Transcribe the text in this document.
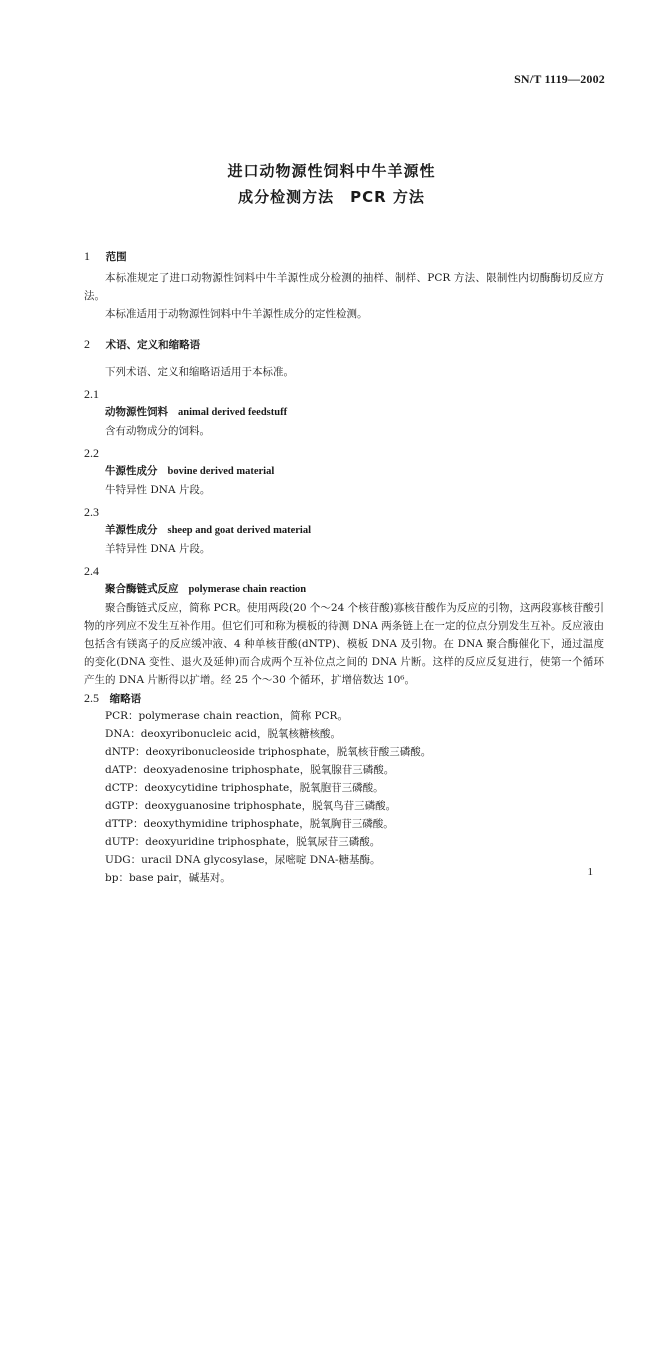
SN/T 1119—2002
进口动物源性饲料中牛羊源性
成分检测方法　PCR 方法
1 范围
本标准规定了进口动物源性饲料中牛羊源性成分检测的抽样、制样、PCR 方法、限制性内切酶酶切反应方法。
本标准适用于动物源性饲料中牛羊源性成分的定性检测。
2 术语、定义和缩略语
下列术语、定义和缩略语适用于本标准。
2.1
动物源性饲料 animal derived feedstuff
含有动物成分的饲料。
2.2
牛源性成分 bovine derived material
牛特异性 DNA 片段。
2.3
羊源性成分 sheep and goat derived material
羊特异性 DNA 片段。
2.4
聚合酶链式反应 polymerase chain reaction
聚合酶链式反应，简称 PCR。使用两段(20 个～24 个核苷酸)寡核苷酸作为反应的引物，这两段寡核苷酸引物的序列应不发生互补作用。但它们可和称为模板的待测 DNA 两条链上在一定的位点分别发生互补。反应液由包括含有镁离子的反应缓冲液、4 种单核苷酸(dNTP)、模板 DNA 及引物。在 DNA 聚合酶催化下，通过温度的变化(DNA 变性、退火及延伸)而合成两个互补位点之间的 DNA 片断。这样的反应反复进行，使第一个循环产生的 DNA 片断得以扩增。经 25 个～30 个循环，扩增倍数达 10⁶。
2.5 缩略语
PCR：polymerase chain reaction，简称 PCR。
DNA：deoxyribonucleic acid，脱氧核糖核酸。
dNTP：deoxyribonucleoside triphosphate，脱氧核苷酸三磷酸。
dATP：deoxyadenosine triphosphate，脱氧腺苷三磷酸。
dCTP：deoxycytidine triphosphate，脱氧胞苷三磷酸。
dGTP：deoxyguanosine triphosphate，脱氧鸟苷三磷酸。
dTTP：deoxythymidine triphosphate，脱氧胸苷三磷酸。
dUTP：deoxyuridine triphosphate，脱氧尿苷三磷酸。
UDG：uracil DNA glycosylase，尿嘧啶 DNA-糖基酶。
bp：base pair，碱基对。	1
